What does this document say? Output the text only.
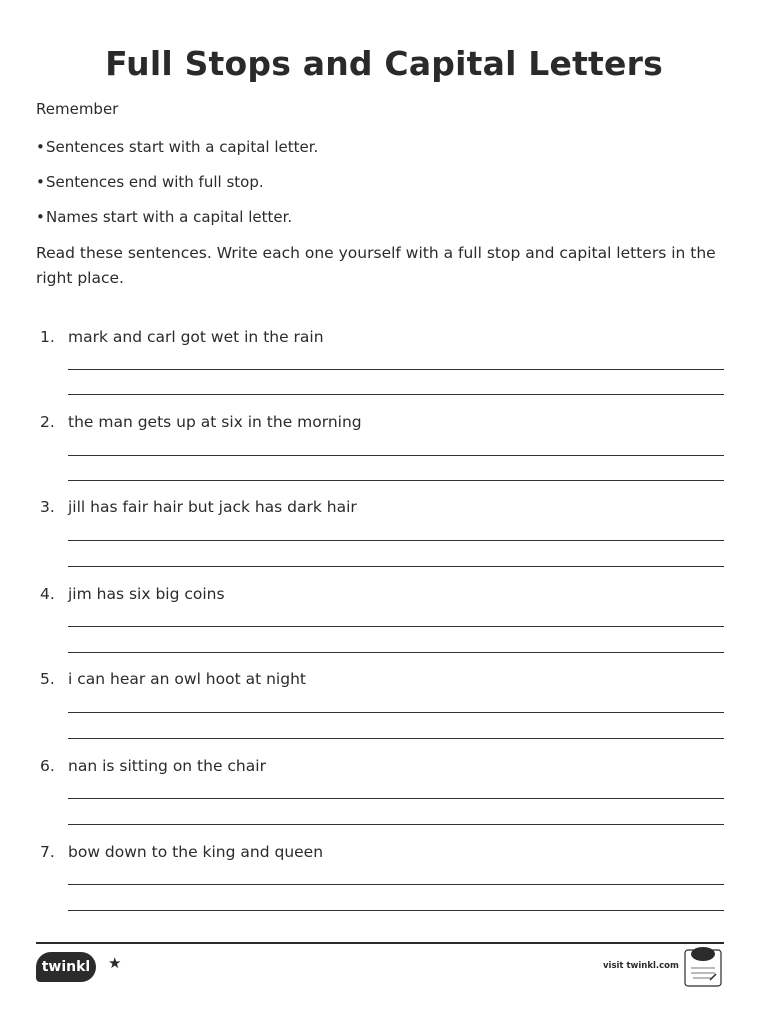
Full Stops and Capital Letters
Remember
•Sentences start with a capital letter.
•Sentences end with full stop.
•Names start with a capital letter.
Read these sentences. Write each one yourself with a full stop and capital letters in the right place.
1. mark and carl got wet in the rain
2. the man gets up at six in the morning
3. jill has fair hair but jack has dark hair
4. jim has six big coins
5. i can hear an owl hoot at night
6. nan is sitting on the chair
7. bow down to the king and queen
twinkl	★	visit twinkl.com
